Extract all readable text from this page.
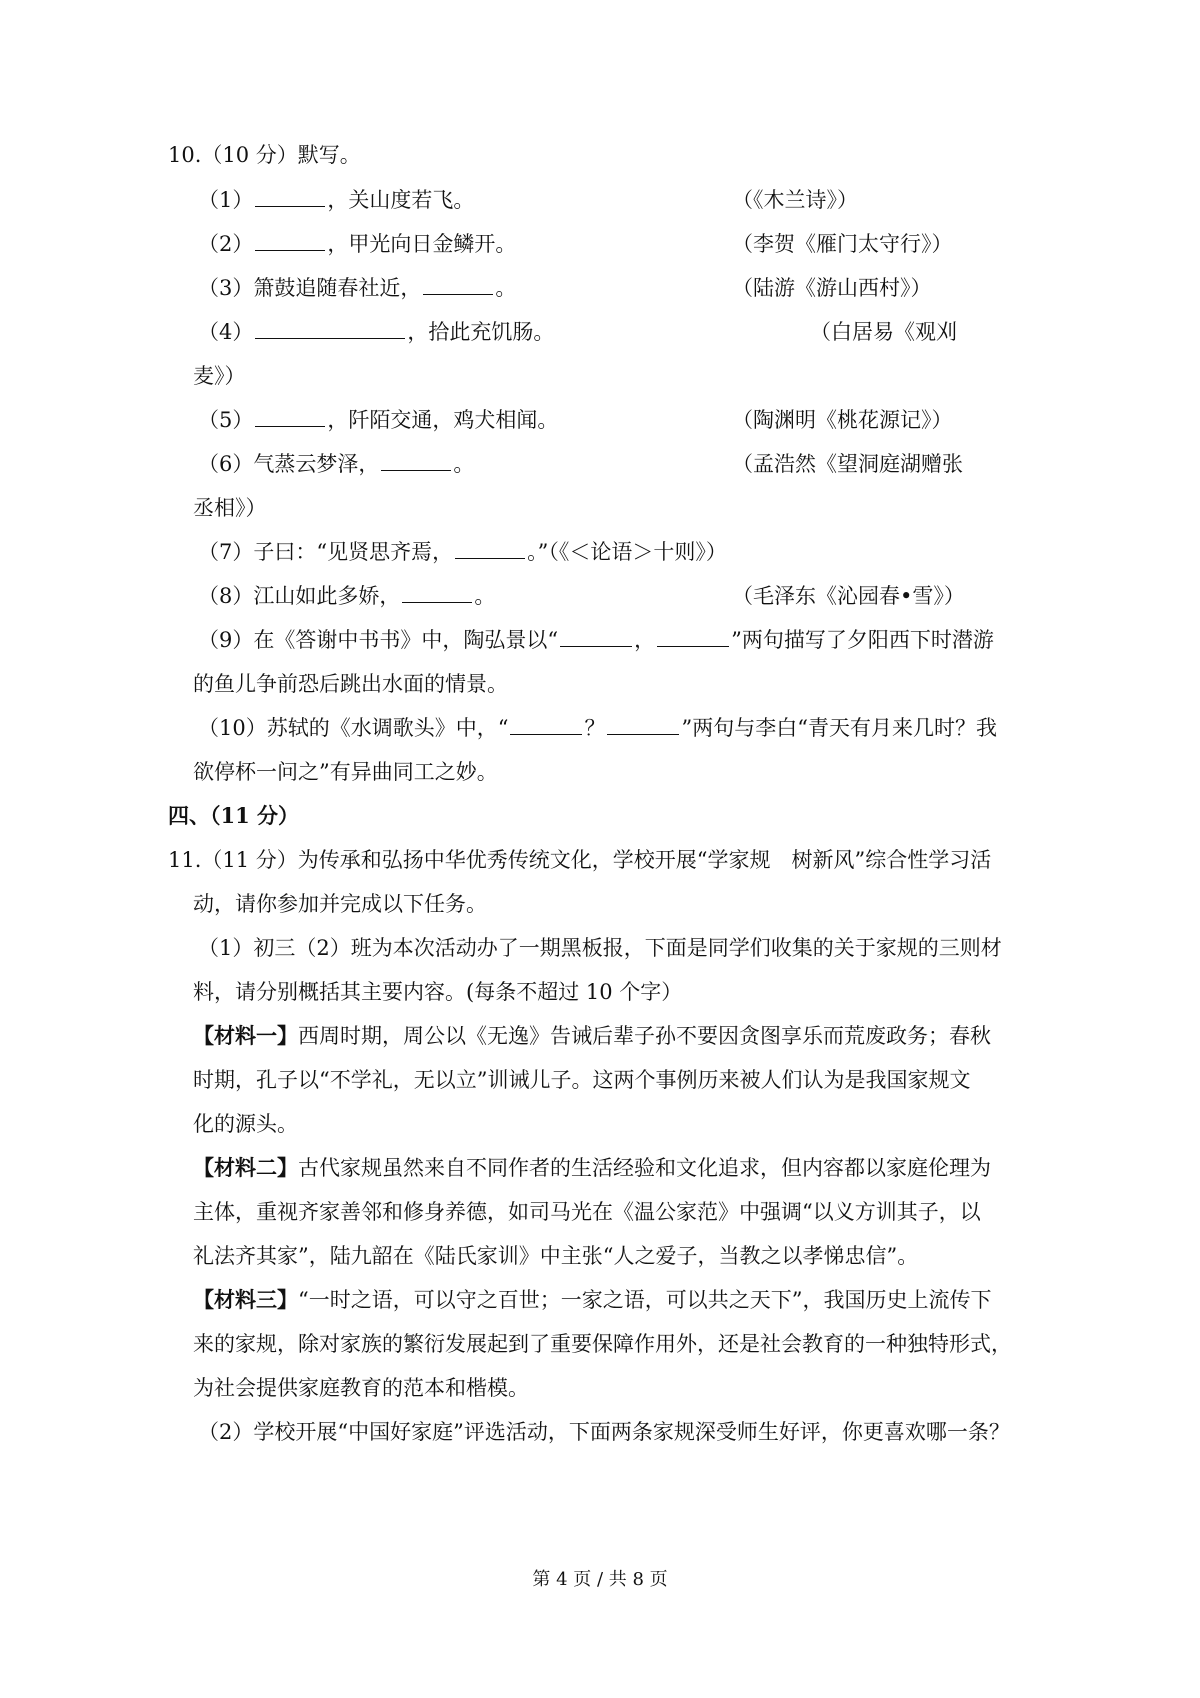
10.（10 分）默写。
（1）	，关山度若飞。	（《木兰诗》）
（2）	，甲光向日金鳞开。	（李贺《雁门太守行》）
（3）箫鼓追随春社近，	。	（陆游《游山西村》）
（4）	，拾此充饥肠。	（白居易《观刈
麦》）
（5）	，阡陌交通，鸡犬相闻。	（陶渊明《桃花源记》）
（6）气蒸云梦泽，	。	（孟浩然《望洞庭湖赠张
丞相》）
（7）子曰：“见贤思齐焉，	。”（《＜论语＞十则》）
（8）江山如此多娇，	。	（毛泽东《沁园春•雪》）
（9）在《答谢中书书》中，陶弘景以“	，	”两句描写了夕阳西下时潜游
的鱼儿争前恐后跳出水面的情景。
（10）苏轼的《水调歌头》中，“	？	”两句与李白“青天有月来几时？我
欲停杯一问之”有异曲同工之妙。
四、（11 分）
11.（11 分）为传承和弘扬中华优秀传统文化，学校开展“学家规　树新风”综合性学习活
动，请你参加并完成以下任务。
（1）初三（2）班为本次活动办了一期黑板报，下面是同学们收集的关于家规的三则材
料，请分别概括其主要内容。(每条不超过 10 个字）
【材料一】西周时期，周公以《无逸》告诫后辈子孙不要因贪图享乐而荒废政务；春秋
时期，孔子以“不学礼，无以立”训诫儿子。这两个事例历来被人们认为是我国家规文
化的源头。
【材料二】古代家规虽然来自不同作者的生活经验和文化追求，但内容都以家庭伦理为
主体，重视齐家善邻和修身养德，如司马光在《温公家范》中强调“以义方训其子，以
礼法齐其家”，陆九韶在《陆氏家训》中主张“人之爱子，当教之以孝悌忠信”。
【材料三】“一时之语，可以守之百世；一家之语，可以共之天下”，我国历史上流传下
来的家规，除对家族的繁衍发展起到了重要保障作用外，还是社会教育的一种独特形式，
为社会提供家庭教育的范本和楷模。
（2）学校开展“中国好家庭”评选活动，下面两条家规深受师生好评，你更喜欢哪一条？
第 4 页 / 共 8 页
